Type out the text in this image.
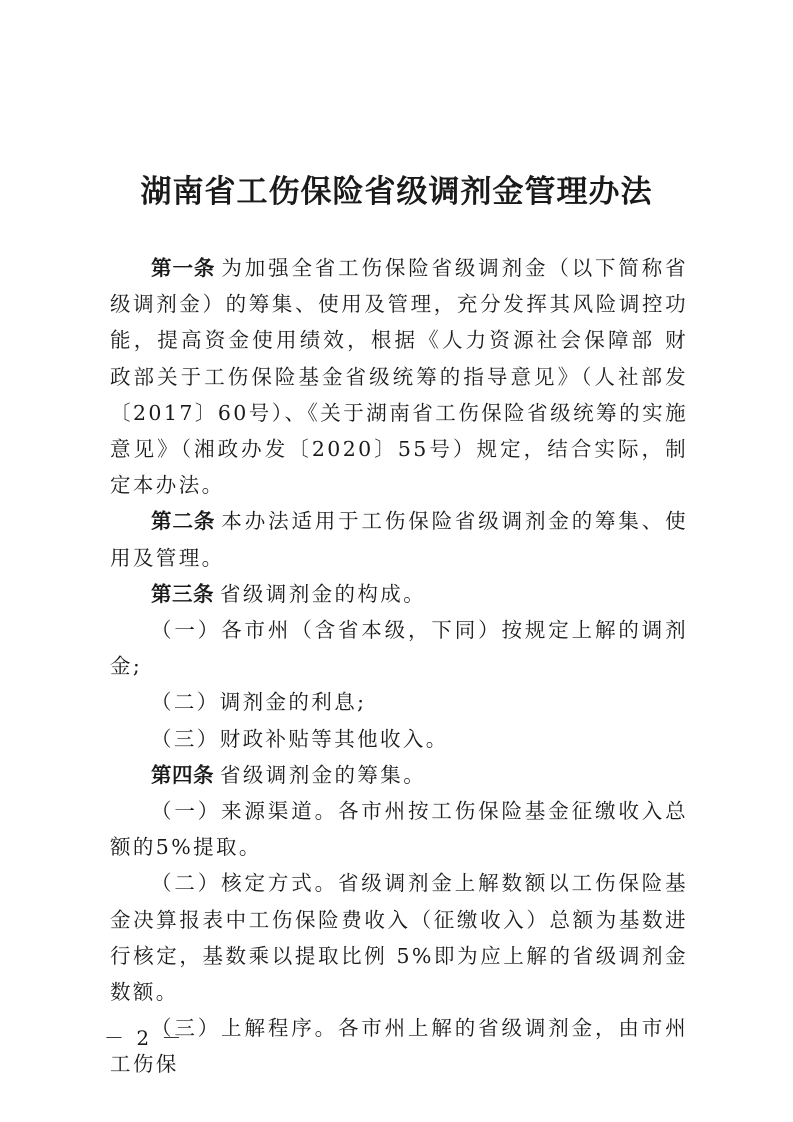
湖南省工伤保险省级调剂金管理办法

第一条 为加强全省工伤保险省级调剂金（以下简称省级调剂金）的筹集、使用及管理，充分发挥其风险调控功能，提高资金使用绩效，根据《人力资源社会保障部 财政部关于工伤保险基金省级统筹的指导意见》（人社部发〔2017〕60号）、《关于湖南省工伤保险省级统筹的实施意见》（湘政办发〔2020〕55号）规定，结合实际，制定本办法。

第二条 本办法适用于工伤保险省级调剂金的筹集、使用及管理。

第三条 省级调剂金的构成。

（一）各市州（含省本级，下同）按规定上解的调剂金;

（二）调剂金的利息;

（三）财政补贴等其他收入。

第四条 省级调剂金的筹集。

（一）来源渠道。各市州按工伤保险基金征缴收入总额的5%提取。

（二）核定方式。省级调剂金上解数额以工伤保险基金决算报表中工伤保险费收入（征缴收入）总额为基数进行核定，基数乘以提取比例 5%即为应上解的省级调剂金数额。

（三）上解程序。各市州上解的省级调剂金，由市州工伤保

－ 2 －
